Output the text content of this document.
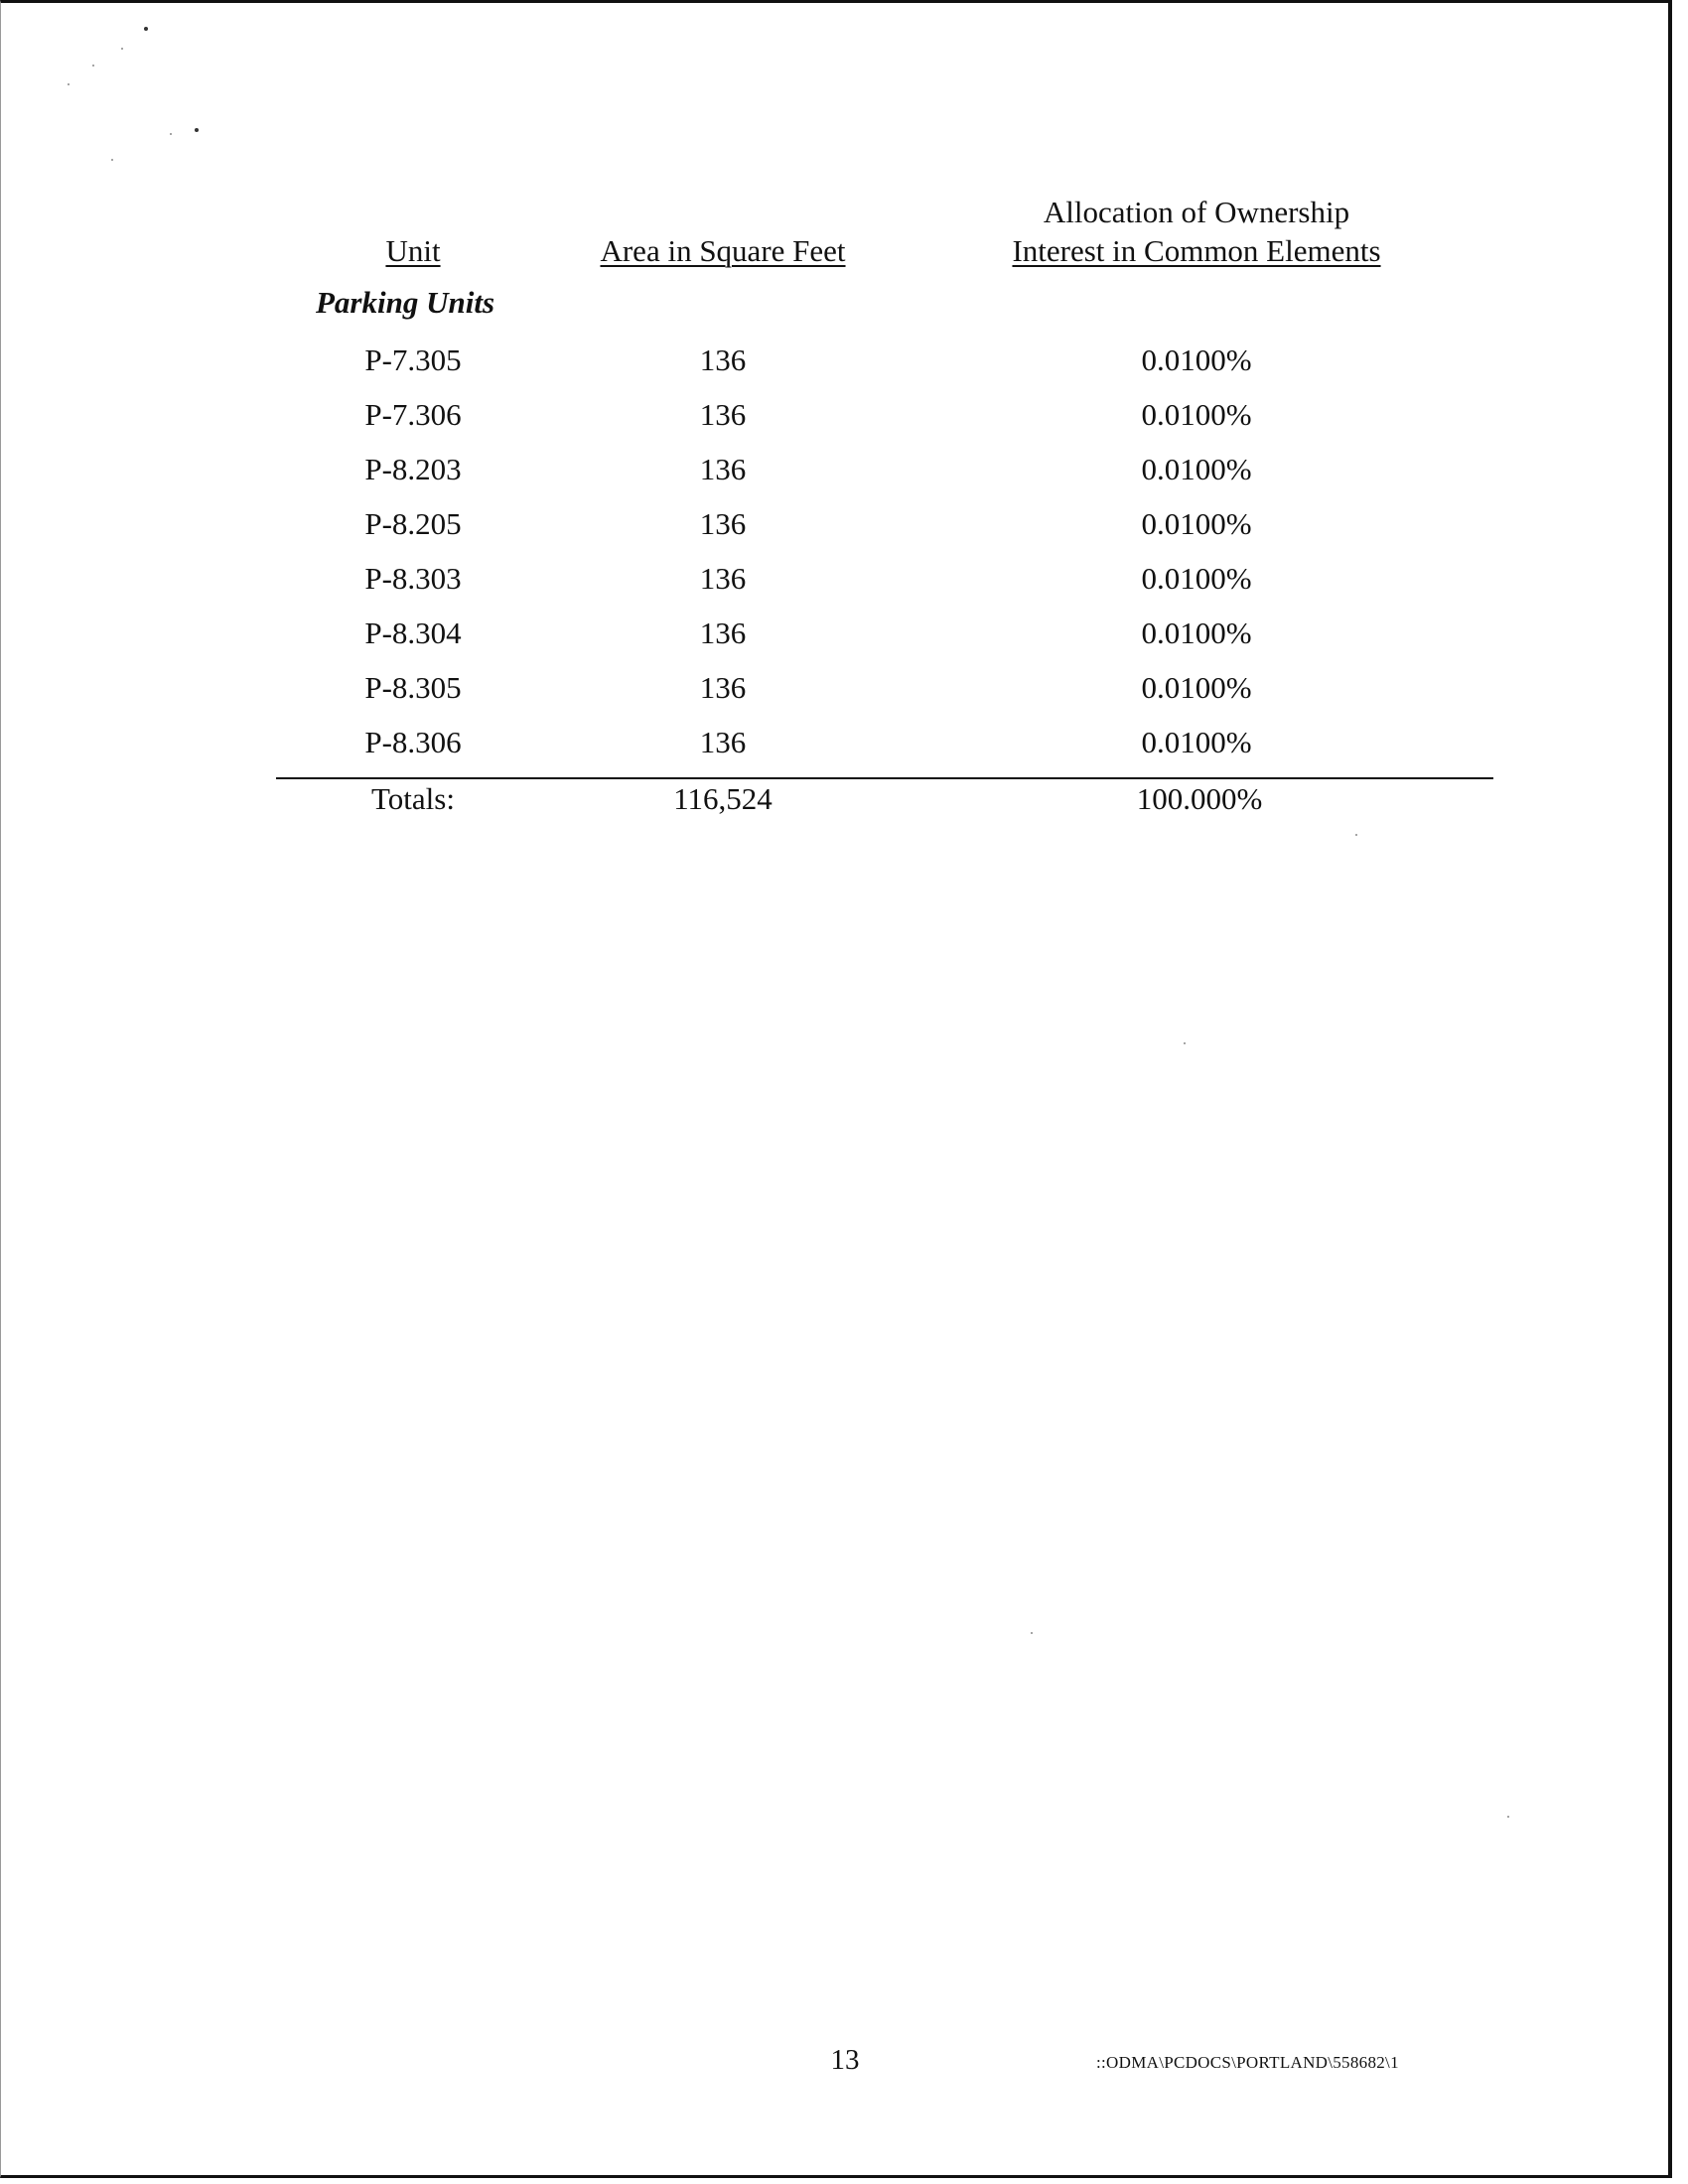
Allocation of Ownership
Unit	Area in Square Feet	Interest in Common Elements
Parking Units
P-7.305	136	0.0100%
P-7.306	136	0.0100%
P-8.203	136	0.0100%
P-8.205	136	0.0100%
P-8.303	136	0.0100%
P-8.304	136	0.0100%
P-8.305	136	0.0100%
P-8.306	136	0.0100%
Totals:	116,524	100.000%
13	::ODMA\PCDOCS\PORTLAND\558682\1
